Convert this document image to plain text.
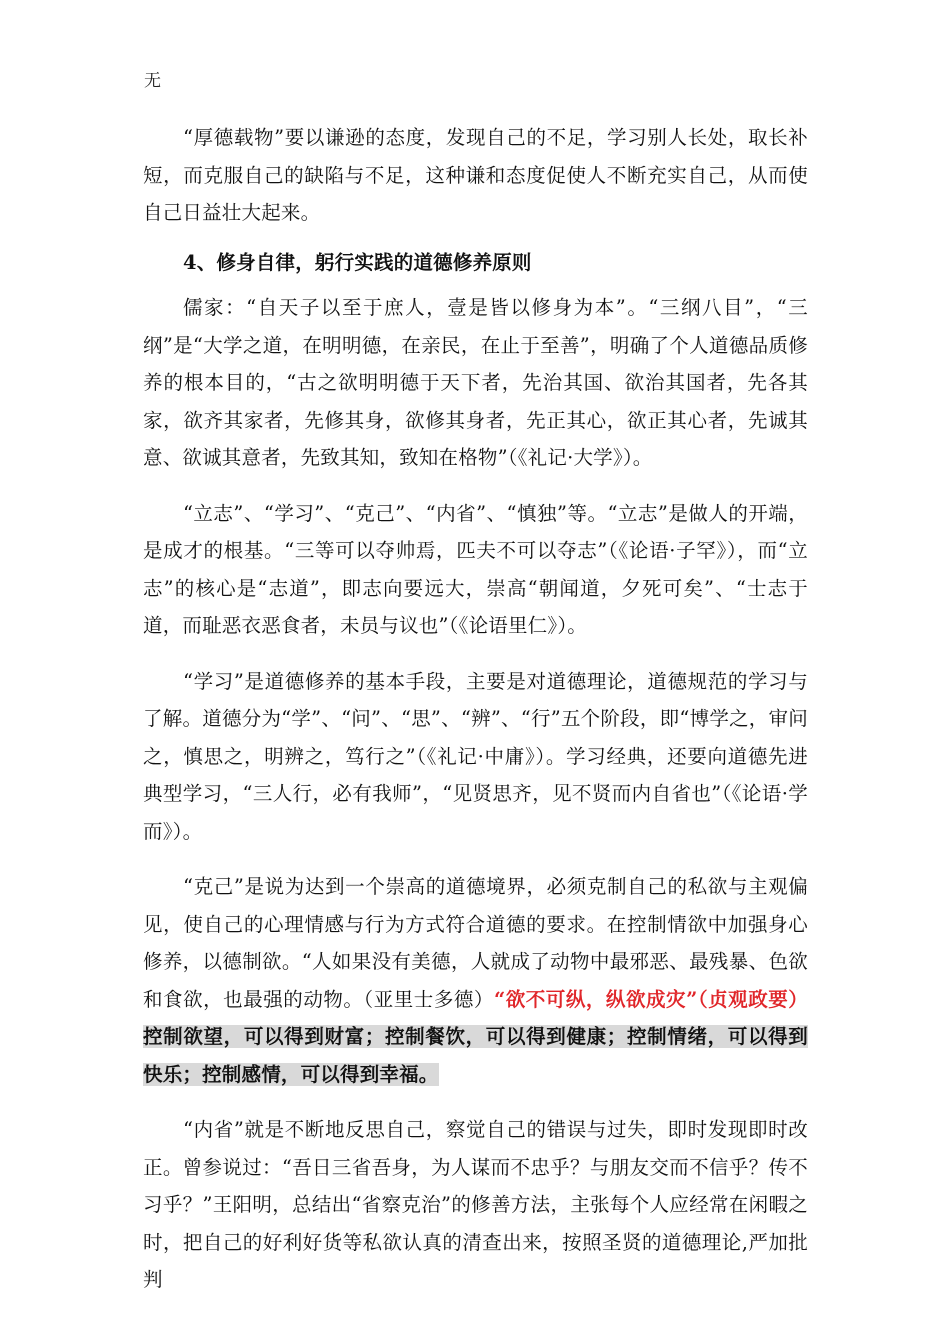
无

“厚德载物”要以谦逊的态度，发现自己的不足，学习别人长处，取长补短，而克服自己的缺陷与不足，这种谦和态度促使人不断充实自己，从而使自己日益壮大起来。

4、修身自律，躬行实践的道德修养原则

儒家：“自天子以至于庶人，壹是皆以修身为本”。“三纲八目”，“三纲”是“大学之道，在明明德，在亲民，在止于至善”，明确了个人道德品质修养的根本目的，“古之欲明明德于天下者，先治其国、欲治其国者，先各其家，欲齐其家者，先修其身，欲修其身者，先正其心，欲正其心者，先诚其意、欲诚其意者，先致其知，致知在格物”（《礼记·大学》）。

“立志”、“学习”、“克己”、“内省”、“慎独”等。“立志”是做人的开端，是成才的根基。“三等可以夺帅焉，匹夫不可以夺志”（《论语·子罕》），而“立志”的核心是“志道”，即志向要远大，崇高“朝闻道，夕死可矣”、“士志于道，而耻恶衣恶食者，未员与议也”（《论语里仁》）。

“学习”是道德修养的基本手段，主要是对道德理论，道德规范的学习与了解。道德分为“学”、“问”、“思”、“辨”、“行”五个阶段，即“博学之，审问之，慎思之，明辨之，笃行之”（《礼记·中庸》）。学习经典，还要向道德先进典型学习，“三人行，必有我师”，“见贤思齐，见不贤而内自省也”（《论语·学而》）。

“克己”是说为达到一个崇高的道德境界，必须克制自己的私欲与主观偏见，使自己的心理情感与行为方式符合道德的要求。在控制情欲中加强身心修养，以德制欲。“人如果没有美德，人就成了动物中最邪恶、最残暴、色欲和食欲，也最强的动物。（亚里士多德）“欲不可纵，纵欲成灾”（贞观政要）控制欲望，可以得到财富；控制餐饮，可以得到健康；控制情绪，可以得到快乐；控制感情，可以得到幸福。

“内省”就是不断地反思自己，察觉自己的错误与过失，即时发现即时改正。曾参说过：“吾日三省吾身，为人谋而不忠乎？与朋友交而不信乎？传不习乎？”王阳明，总结出“省察克治”的修善方法，主张每个人应经常在闲暇之时，把自己的好利好货等私欲认真的清查出来，按照圣贤的道德理论,严加批判
